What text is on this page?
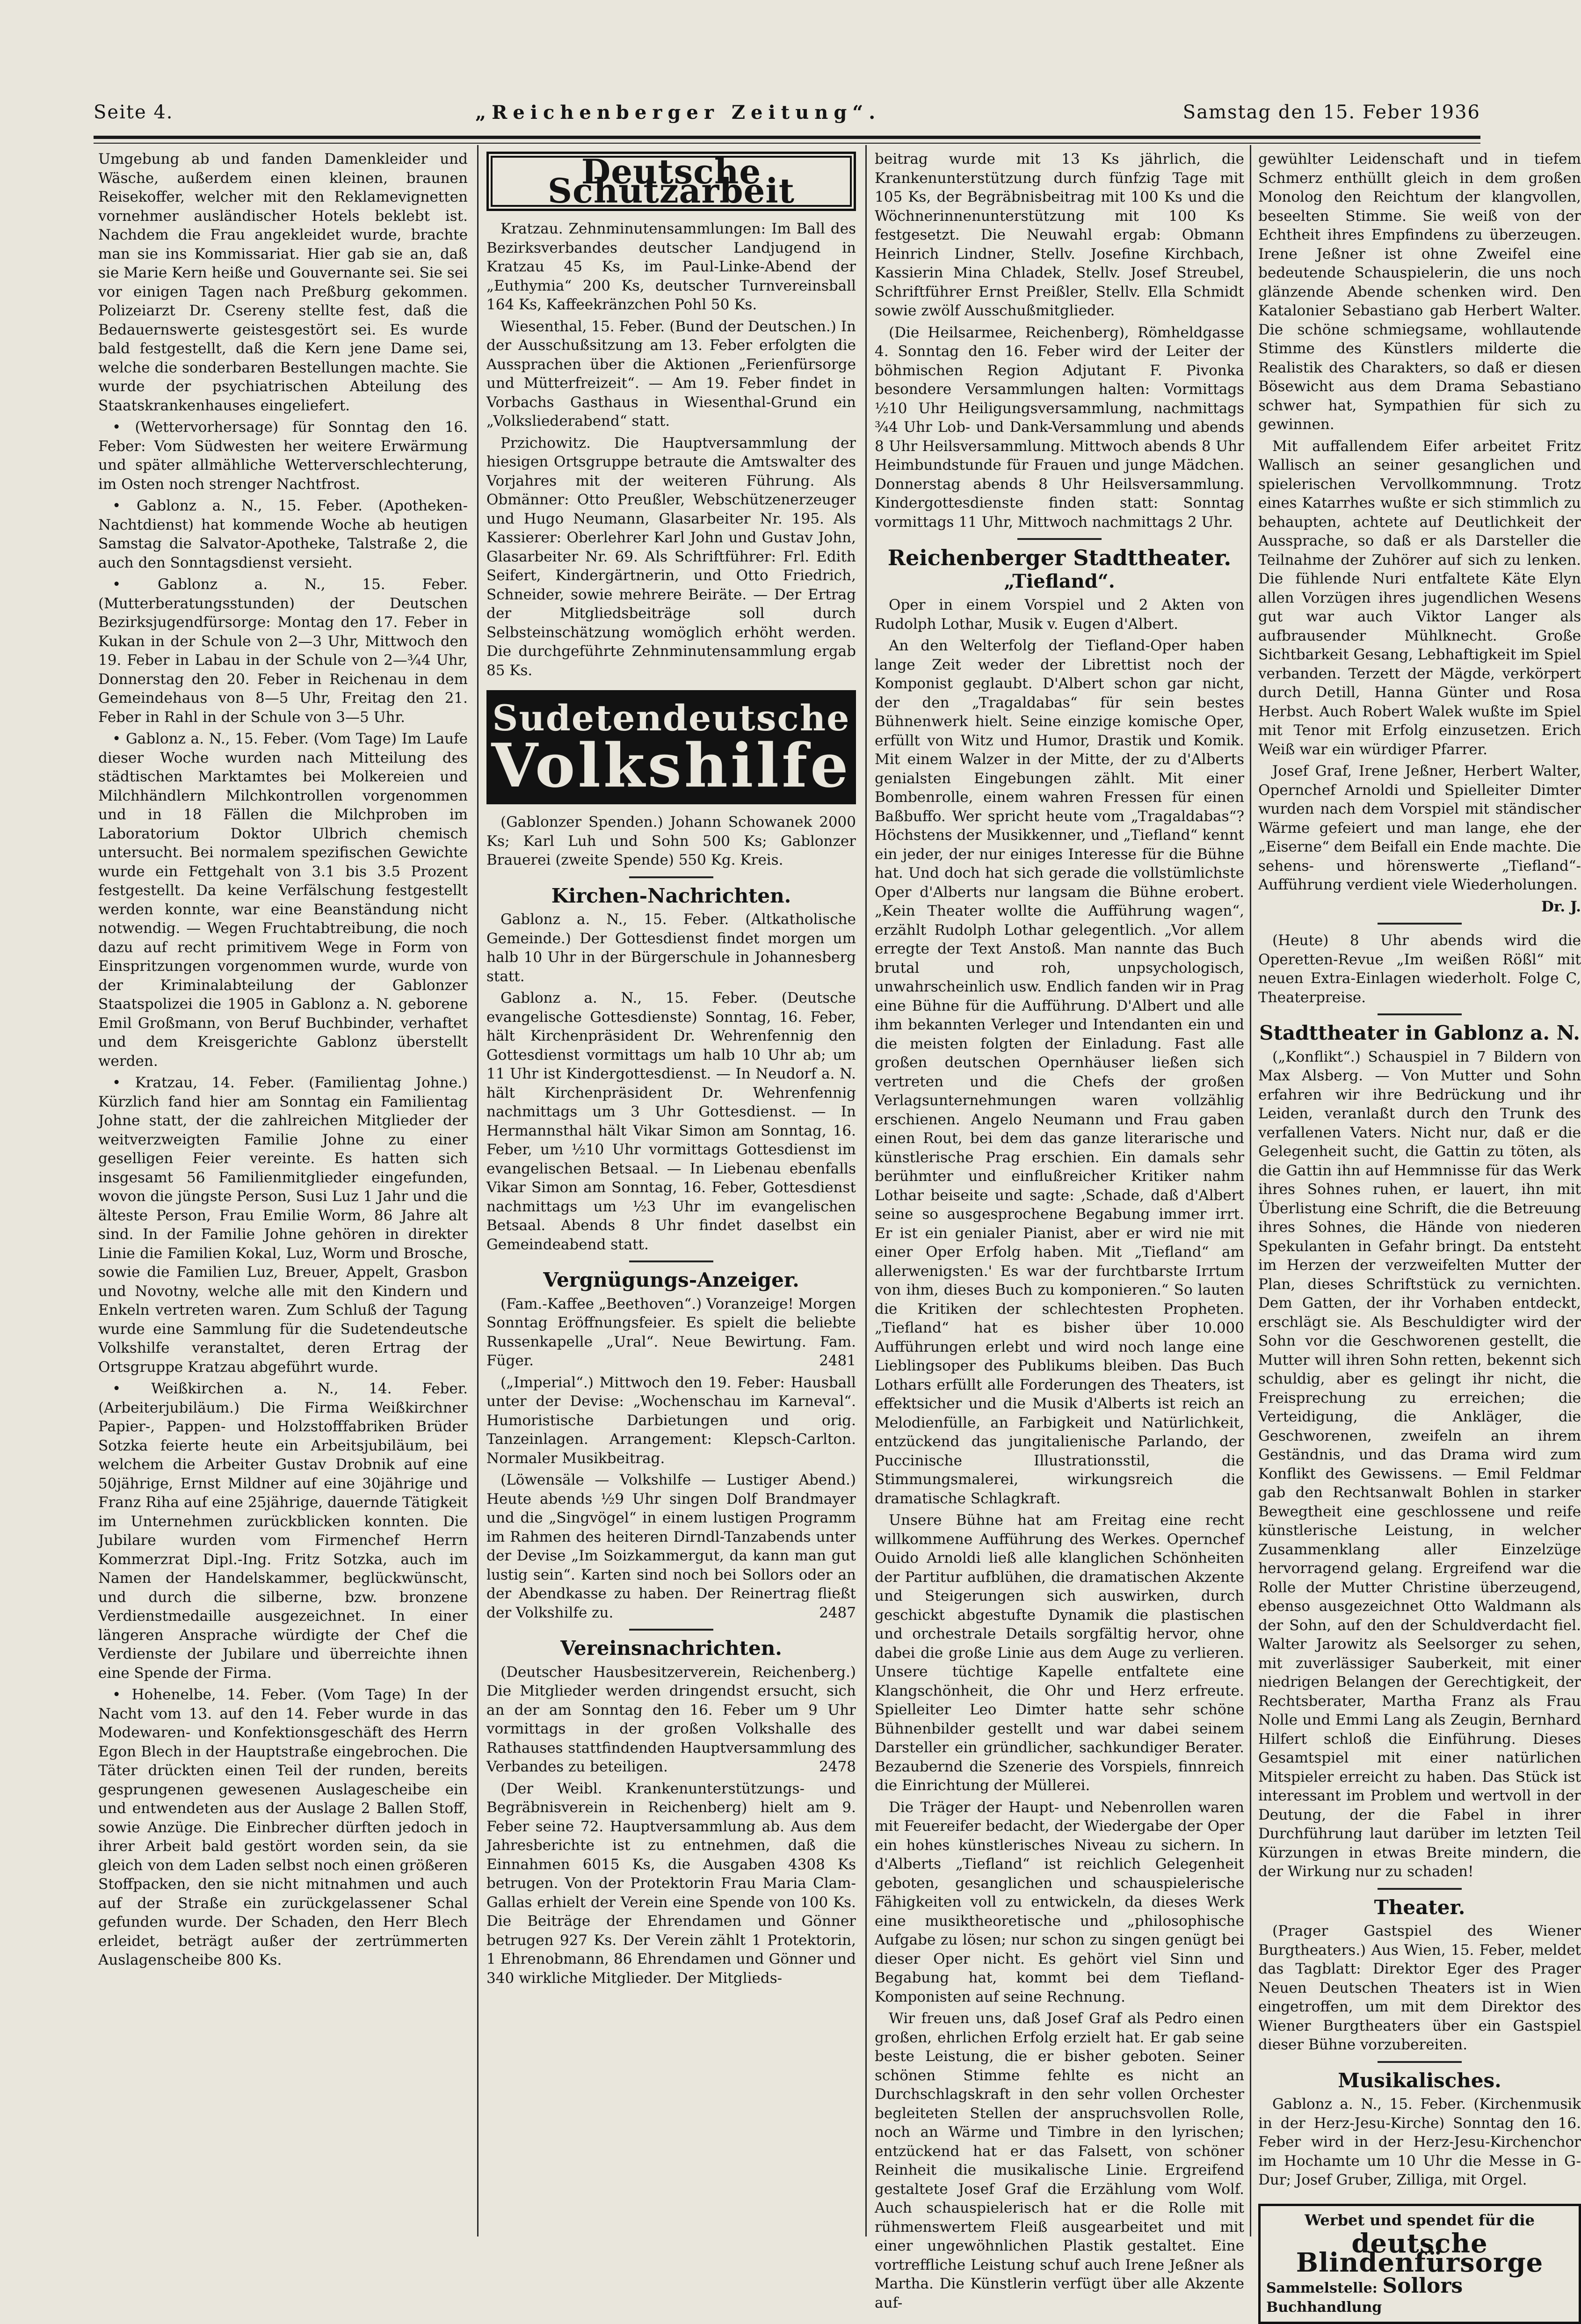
Seite 4.	„Reichenberger Zeitung“.	Samstag den 15. Feber 1936

Umgebung ab und fanden Damenkleider und Wäsche, außerdem einen kleinen, braunen Reisekoffer, welcher mit den Reklamevignetten vornehmer ausländischer Hotels beklebt ist. Nachdem die Frau angekleidet wurde, brachte man sie ins Kommissariat. Hier gab sie an, daß sie Marie Kern heiße und Gouvernante sei. Sie sei vor einigen Tagen nach Preßburg gekommen. Polizeiarzt Dr. Csereny stellte fest, daß die Bedauernswerte geistesgestört sei. Es wurde bald festgestellt, daß die Kern jene Dame sei, welche die sonderbaren Bestellungen machte. Sie wurde der psychiatrischen Abteilung des Staatskrankenhauses eingeliefert.

• (Wettervorhersage) für Sonntag den 16. Feber: Vom Südwesten her weitere Erwärmung und später allmähliche Wetterverschlechterung, im Osten noch strenger Nachtfrost.

• Gablonz a. N., 15. Feber. (Apotheken-Nachtdienst) hat kommende Woche ab heutigen Samstag die Salvator-Apotheke, Talstraße 2, die auch den Sonntagsdienst versieht.

• Gablonz a. N., 15. Feber. (Mutterberatungsstunden) der Deutschen Bezirksjugendfürsorge: Montag den 17. Feber in Kukan in der Schule von 2—3 Uhr, Mittwoch den 19. Feber in Labau in der Schule von 2—¾4 Uhr, Donnerstag den 20. Feber in Reichenau in dem Gemeindehaus von 8—5 Uhr, Freitag den 21. Feber in Rahl in der Schule von 3—5 Uhr.

• Gablonz a. N., 15. Feber. (Vom Tage) Im Laufe dieser Woche wurden nach Mitteilung des städtischen Marktamtes bei Molkereien und Milchhändlern Milchkontrollen vorgenommen und in 18 Fällen die Milchproben im Laboratorium Doktor Ulbrich chemisch untersucht. Bei normalem spezifischen Gewichte wurde ein Fettgehalt von 3.1 bis 3.5 Prozent festgestellt. Da keine Verfälschung festgestellt werden konnte, war eine Beanständung nicht notwendig. — Wegen Fruchtabtreibung, die noch dazu auf recht primitivem Wege in Form von Einspritzungen vorgenommen wurde, wurde von der Kriminalabteilung der Gablonzer Staatspolizei die 1905 in Gablonz a. N. geborene Emil Großmann, von Beruf Buchbinder, verhaftet und dem Kreisgerichte Gablonz überstellt werden.

• Kratzau, 14. Feber. (Familientag Johne.) Kürzlich fand hier am Sonntag ein Familientag Johne statt, der die zahlreichen Mitglieder der weitverzweigten Familie Johne zu einer geselligen Feier vereinte. Es hatten sich insgesamt 56 Familienmitglieder eingefunden, wovon die jüngste Person, Susi Luz 1 Jahr und die älteste Person, Frau Emilie Worm, 86 Jahre alt sind. In der Familie Johne gehören in direkter Linie die Familien Kokal, Luz, Worm und Brosche, sowie die Familien Luz, Breuer, Appelt, Grasbon und Novotny, welche alle mit den Kindern und Enkeln vertreten waren. Zum Schluß der Tagung wurde eine Sammlung für die Sudetendeutsche Volkshilfe veranstaltet, deren Ertrag der Ortsgruppe Kratzau abgeführt wurde.

• Weißkirchen a. N., 14. Feber. (Arbeiterjubiläum.) Die Firma Weißkirchner Papier-, Pappen- und Holzstofffabriken Brüder Sotzka feierte heute ein Arbeitsjubiläum, bei welchem die Arbeiter Gustav Drobnik auf eine 50jährige, Ernst Mildner auf eine 30jährige und Franz Riha auf eine 25jährige, dauernde Tätigkeit im Unternehmen zurückblicken konnten. Die Jubilare wurden vom Firmenchef Herrn Kommerzrat Dipl.-Ing. Fritz Sotzka, auch im Namen der Handelskammer, beglückwünscht, und durch die silberne, bzw. bronzene Verdienstmedaille ausgezeichnet. In einer längeren Ansprache würdigte der Chef die Verdienste der Jubilare und überreichte ihnen eine Spende der Firma.

• Hohenelbe, 14. Feber. (Vom Tage) In der Nacht vom 13. auf den 14. Feber wurde in das Modewaren- und Konfektionsgeschäft des Herrn Egon Blech in der Hauptstraße eingebrochen. Die Täter drückten einen Teil der runden, bereits gesprungenen gewesenen Auslagescheibe ein und entwendeten aus der Auslage 2 Ballen Stoff, sowie Anzüge. Die Einbrecher dürften jedoch in ihrer Arbeit bald gestört worden sein, da sie gleich von dem Laden selbst noch einen größeren Stoffpacken, den sie nicht mitnahmen und auch auf der Straße ein zurückgelassener Schal gefunden wurde. Der Schaden, den Herr Blech erleidet, beträgt außer der zertrümmerten Auslagenscheibe 800 Ks.

Deutsche Schutzarbeit

Kratzau. Zehnminutensammlungen: Im Ball des Bezirksverbandes deutscher Landjugend in Kratzau 45 Ks, im Paul-Linke-Abend der „Euthymia“ 200 Ks, deutscher Turnvereinsball 164 Ks, Kaffeekränzchen Pohl 50 Ks.

Wiesenthal, 15. Feber. (Bund der Deutschen.) In der Ausschußsitzung am 13. Feber erfolgten die Aussprachen über die Aktionen „Ferienfürsorge und Mütterfreizeit“. — Am 19. Feber findet in Vorbachs Gasthaus in Wiesenthal-Grund ein „Volksliederabend“ statt.

Przichowitz. Die Hauptversammlung der hiesigen Ortsgruppe betraute die Amtswalter des Vorjahres mit der weiteren Führung. Als Obmänner: Otto Preußler, Webschützenerzeuger und Hugo Neumann, Glasarbeiter Nr. 195. Als Kassierer: Oberlehrer Karl John und Gustav John, Glasarbeiter Nr. 69. Als Schriftführer: Frl. Edith Seifert, Kindergärtnerin, und Otto Friedrich, Schneider, sowie mehrere Beiräte. — Der Ertrag der Mitgliedsbeiträge soll durch Selbsteinschätzung womöglich erhöht werden. Die durchgeführte Zehnminutensammlung ergab 85 Ks.

Sudetendeutsche
Volkshilfe

(Gablonzer Spenden.) Johann Schowanek 2000 Ks; Karl Luh und Sohn 500 Ks; Gablonzer Brauerei (zweite Spende) 550 Kg. Kreis.

Kirchen-Nachrichten.

Gablonz a. N., 15. Feber. (Altkatholische Gemeinde.) Der Gottesdienst findet morgen um halb 10 Uhr in der Bürgerschule in Johannesberg statt.

Gablonz a. N., 15. Feber. (Deutsche evangelische Gottesdienste) Sonntag, 16. Feber, hält Kirchenpräsident Dr. Wehrenfennig den Gottesdienst vormittags um halb 10 Uhr ab; um 11 Uhr ist Kindergottesdienst. — In Neudorf a. N. hält Kirchenpräsident Dr. Wehrenfennig nachmittags um 3 Uhr Gottesdienst. — In Hermannsthal hält Vikar Simon am Sonntag, 16. Feber, um ½10 Uhr vormittags Gottesdienst im evangelischen Betsaal. — In Liebenau ebenfalls Vikar Simon am Sonntag, 16. Feber, Gottesdienst nachmittags um ½3 Uhr im evangelischen Betsaal. Abends 8 Uhr findet daselbst ein Gemeindeabend statt.

Vergnügungs-Anzeiger.

(Fam.-Kaffee „Beethoven“.) Voranzeige! Morgen Sonntag Eröffnungsfeier. Es spielt die beliebte Russenkapelle „Ural“. Neue Bewirtung. Fam. Füger.	2481

(„Imperial“.) Mittwoch den 19. Feber: Hausball unter der Devise: „Wochenschau im Karneval“. Humoristische Darbietungen und orig. Tanzeinlagen. Arrangement: Klepsch-Carlton. Normaler Musikbeitrag.

(Löwensäle — Volkshilfe — Lustiger Abend.) Heute abends ½9 Uhr singen Dolf Brandmayer und die „Singvögel“ in einem lustigen Programm im Rahmen des heiteren Dirndl-Tanzabends unter der Devise „Im Soizkammergut, da kann man gut lustig sein“. Karten sind noch bei Sollors oder an der Abendkasse zu haben. Der Reinertrag fließt der Volkshilfe zu.	2487

Vereinsnachrichten.

(Deutscher Hausbesitzerverein, Reichenberg.) Die Mitglieder werden dringendst ersucht, sich an der am Sonntag den 16. Feber um 9 Uhr vormittags in der großen Volkshalle des Rathauses stattfindenden Hauptversammlung des Verbandes zu beteiligen.	2478

(Der Weibl. Krankenunterstützungs- und Begräbnisverein in Reichenberg) hielt am 9. Feber seine 72. Hauptversammlung ab. Aus dem Jahresberichte ist zu entnehmen, daß die Einnahmen 6015 Ks, die Ausgaben 4308 Ks betrugen. Von der Protektorin Frau Maria Clam-Gallas erhielt der Verein eine Spende von 100 Ks. Die Beiträge der Ehrendamen und Gönner betrugen 927 Ks. Der Verein zählt 1 Protektorin, 1 Ehrenobmann, 86 Ehrendamen und Gönner und 340 wirkliche Mitglieder. Der Mitglieds-

beitrag wurde mit 13 Ks jährlich, die Krankenunterstützung durch fünfzig Tage mit 105 Ks, der Begräbnisbeitrag mit 100 Ks und die Wöchnerinnenunterstützung mit 100 Ks festgesetzt. Die Neuwahl ergab: Obmann Heinrich Lindner, Stellv. Josefine Kirchbach, Kassierin Mina Chladek, Stellv. Josef Streubel, Schriftführer Ernst Preißler, Stellv. Ella Schmidt sowie zwölf Ausschußmitglieder.

(Die Heilsarmee, Reichenberg), Römheldgasse 4. Sonntag den 16. Feber wird der Leiter der böhmischen Region Adjutant F. Pivonka besondere Versammlungen halten: Vormittags ½10 Uhr Heiligungsversammlung, nachmittags ¾4 Uhr Lob- und Dank-Versammlung und abends 8 Uhr Heilsversammlung. Mittwoch abends 8 Uhr Heimbundstunde für Frauen und junge Mädchen. Donnerstag abends 8 Uhr Heilsversammlung. Kindergottesdienste finden statt: Sonntag vormittags 11 Uhr, Mittwoch nachmittags 2 Uhr.

Reichenberger Stadttheater.
„Tiefland“.

Oper in einem Vorspiel und 2 Akten von Rudolph Lothar, Musik v. Eugen d'Albert.

An den Welterfolg der Tiefland-Oper haben lange Zeit weder der Librettist noch der Komponist geglaubt. D'Albert schon gar nicht, der den „Tragaldabas“ für sein bestes Bühnenwerk hielt. Seine einzige komische Oper, erfüllt von Witz und Humor, Drastik und Komik. Mit einem Walzer in der Mitte, der zu d'Alberts genialsten Eingebungen zählt. Mit einer Bombenrolle, einem wahren Fressen für einen Baßbuffo. Wer spricht heute vom „Tragaldabas“? Höchstens der Musikkenner, und „Tiefland“ kennt ein jeder, der nur einiges Interesse für die Bühne hat. Und doch hat sich gerade die vollstümlichste Oper d'Alberts nur langsam die Bühne erobert. „Kein Theater wollte die Aufführung wagen“, erzählt Rudolph Lothar gelegentlich. „Vor allem erregte der Text Anstoß. Man nannte das Buch brutal und roh, unpsychologisch, unwahrscheinlich usw. Endlich fanden wir in Prag eine Bühne für die Aufführung. D'Albert und alle ihm bekannten Verleger und Intendanten ein und die meisten folgten der Einladung. Fast alle großen deutschen Opernhäuser ließen sich vertreten und die Chefs der großen Verlagsunternehmungen waren vollzählig erschienen. Angelo Neumann und Frau gaben einen Rout, bei dem das ganze literarische und künstlerische Prag erschien. Ein damals sehr berühmter und einflußreicher Kritiker nahm Lothar beiseite und sagte: ‚Schade, daß d'Albert seine so ausgesprochene Begabung immer irrt. Er ist ein genialer Pianist, aber er wird nie mit einer Oper Erfolg haben. Mit „Tiefland“ am allerwenigsten.' Es war der furchtbarste Irrtum von ihm, dieses Buch zu komponieren.“ So lauten die Kritiken der schlechtesten Propheten. „Tiefland“ hat es bisher über 10.000 Aufführungen erlebt und wird noch lange eine Lieblingsoper des Publikums bleiben. Das Buch Lothars erfüllt alle Forderungen des Theaters, ist effektsicher und die Musik d'Alberts ist reich an Melodienfülle, an Farbigkeit und Natürlichkeit, entzückend das jungitalienische Parlando, der Puccinische Illustrationsstil, die Stimmungsmalerei, wirkungsreich die dramatische Schlagkraft.

Unsere Bühne hat am Freitag eine recht willkommene Aufführung des Werkes. Opernchef Ouido Arnoldi ließ alle klanglichen Schönheiten der Partitur aufblühen, die dramatischen Akzente und Steigerungen sich auswirken, durch geschickt abgestufte Dynamik die plastischen und orchestrale Details sorgfältig hervor, ohne dabei die große Linie aus dem Auge zu verlieren. Unsere tüchtige Kapelle entfaltete eine Klangschönheit, die Ohr und Herz erfreute. Spielleiter Leo Dimter hatte sehr schöne Bühnenbilder gestellt und war dabei seinem Darsteller ein gründlicher, sachkundiger Berater. Bezaubernd die Szenerie des Vorspiels, finnreich die Einrichtung der Müllerei.

Die Träger der Haupt- und Nebenrollen waren mit Feuereifer bedacht, der Wiedergabe der Oper ein hohes künstlerisches Niveau zu sichern. In d'Alberts „Tiefland“ ist reichlich Gelegenheit geboten, gesanglichen und schauspielerische Fähigkeiten voll zu entwickeln, da dieses Werk eine musiktheoretische und „philosophische Aufgabe zu lösen; nur schon zu singen genügt bei dieser Oper nicht. Es gehört viel Sinn und Begabung hat, kommt bei dem Tiefland-Komponisten auf seine Rechnung.

Wir freuen uns, daß Josef Graf als Pedro einen großen, ehrlichen Erfolg erzielt hat. Er gab seine beste Leistung, die er bisher geboten. Seiner schönen Stimme fehlte es nicht an Durchschlagskraft in den sehr vollen Orchester begleiteten Stellen der anspruchsvollen Rolle, noch an Wärme und Timbre in den lyrischen; entzückend hat er das Falsett, von schöner Reinheit die musikalische Linie. Ergreifend gestaltete Josef Graf die Erzählung vom Wolf. Auch schauspielerisch hat er die Rolle mit rühmenswertem Fleiß ausgearbeitet und mit einer ungewöhnlichen Plastik gestaltet. Eine vortreffliche Leistung schuf auch Irene Jeßner als Martha. Die Künstlerin verfügt über alle Akzente auf-

gewühlter Leidenschaft und in tiefem Schmerz enthüllt gleich in dem großen Monolog den Reichtum der klangvollen, beseelten Stimme. Sie weiß von der Echtheit ihres Empfindens zu überzeugen. Irene Jeßner ist ohne Zweifel eine bedeutende Schauspielerin, die uns noch glänzende Abende schenken wird. Den Katalonier Sebastiano gab Herbert Walter. Die schöne schmiegsame, wohllautende Stimme des Künstlers milderte die Realistik des Charakters, so daß er diesen Bösewicht aus dem Drama Sebastiano schwer hat, Sympathien für sich zu gewinnen.

Mit auffallendem Eifer arbeitet Fritz Wallisch an seiner gesanglichen und spielerischen Vervollkommnung. Trotz eines Katarrhes wußte er sich stimmlich zu behaupten, achtete auf Deutlichkeit der Aussprache, so daß er als Darsteller die Teilnahme der Zuhörer auf sich zu lenken. Die fühlende Nuri entfaltete Käte Elyn allen Vorzügen ihres jugendlichen Wesens gut war auch Viktor Langer als aufbrausender Mühlknecht. Große Sichtbarkeit Gesang, Lebhaftigkeit im Spiel verbanden. Terzett der Mägde, verkörpert durch Detill, Hanna Günter und Rosa Herbst. Auch Robert Walek wußte im Spiel mit Tenor mit Erfolg einzusetzen. Erich Weiß war ein würdiger Pfarrer.

Josef Graf, Irene Jeßner, Herbert Walter, Opernchef Arnoldi und Spielleiter Dimter wurden nach dem Vorspiel mit ständischer Wärme gefeiert und man lange, ehe der „Eiserne“ dem Beifall ein Ende machte. Die sehens- und hörenswerte „Tiefland“-Aufführung verdient viele Wiederholungen.

Dr. J.

(Heute) 8 Uhr abends wird die Operetten-Revue „Im weißen Rößl“ mit neuen Extra-Einlagen wiederholt. Folge C, Theaterpreise.

Stadttheater in Gablonz a. N.

(„Konflikt“.) Schauspiel in 7 Bildern von Max Alsberg. — Von Mutter und Sohn erfahren wir ihre Bedrückung und ihr Leiden, veranlaßt durch den Trunk des verfallenen Vaters. Nicht nur, daß er die Gelegenheit sucht, die Gattin zu töten, als die Gattin ihn auf Hemmnisse für das Werk ihres Sohnes ruhen, er lauert, ihn mit Überlistung eine Schrift, die die Betreuung ihres Sohnes, die Hände von niederen Spekulanten in Gefahr bringt. Da entsteht im Herzen der verzweifelten Mutter der Plan, dieses Schriftstück zu vernichten. Dem Gatten, der ihr Vorhaben entdeckt, erschlägt sie. Als Beschuldigter wird der Sohn vor die Geschworenen gestellt, die Mutter will ihren Sohn retten, bekennt sich schuldig, aber es gelingt ihr nicht, die Freisprechung zu erreichen; die Verteidigung, die Ankläger, die Geschworenen, zweifeln an ihrem Geständnis, und das Drama wird zum Konflikt des Gewissens. — Emil Feldmar gab den Rechtsanwalt Bohlen in starker Bewegtheit eine geschlossene und reife künstlerische Leistung, in welcher Zusammenklang aller Einzelzüge hervorragend gelang. Ergreifend war die Rolle der Mutter Christine überzeugend, ebenso ausgezeichnet Otto Waldmann als der Sohn, auf den der Schuldverdacht fiel. Walter Jarowitz als Seelsorger zu sehen, mit zuverlässiger Sauberkeit, mit einer niedrigen Belangen der Gerechtigkeit, der Rechtsberater, Martha Franz als Frau Nolle und Emmi Lang als Zeugin, Bernhard Hilfert schloß die Einführung. Dieses Gesamtspiel mit einer natürlichen Mitspieler erreicht zu haben. Das Stück ist interessant im Problem und wertvoll in der Deutung, der die Fabel in ihrer Durchführung laut darüber im letzten Teil Kürzungen in etwas Breite mindern, die der Wirkung nur zu schaden!

Theater.

(Prager Gastspiel des Wiener Burgtheaters.) Aus Wien, 15. Feber, meldet das Tagblatt: Direktor Eger des Prager Neuen Deutschen Theaters ist in Wien eingetroffen, um mit dem Direktor des Wiener Burgtheaters über ein Gastspiel dieser Bühne vorzubereiten.

Musikalisches.

Gablonz a. N., 15. Feber. (Kirchenmusik in der Herz-Jesu-Kirche) Sonntag den 16. Feber wird in der Herz-Jesu-Kirchenchor im Hochamte um 10 Uhr die Messe in G-Dur; Josef Gruber, Zilliga, mit Orgel.

Werbet und spendet für die
deutsche Blindenfürsorge
Sammelstelle: Sollors Buchhandlung
